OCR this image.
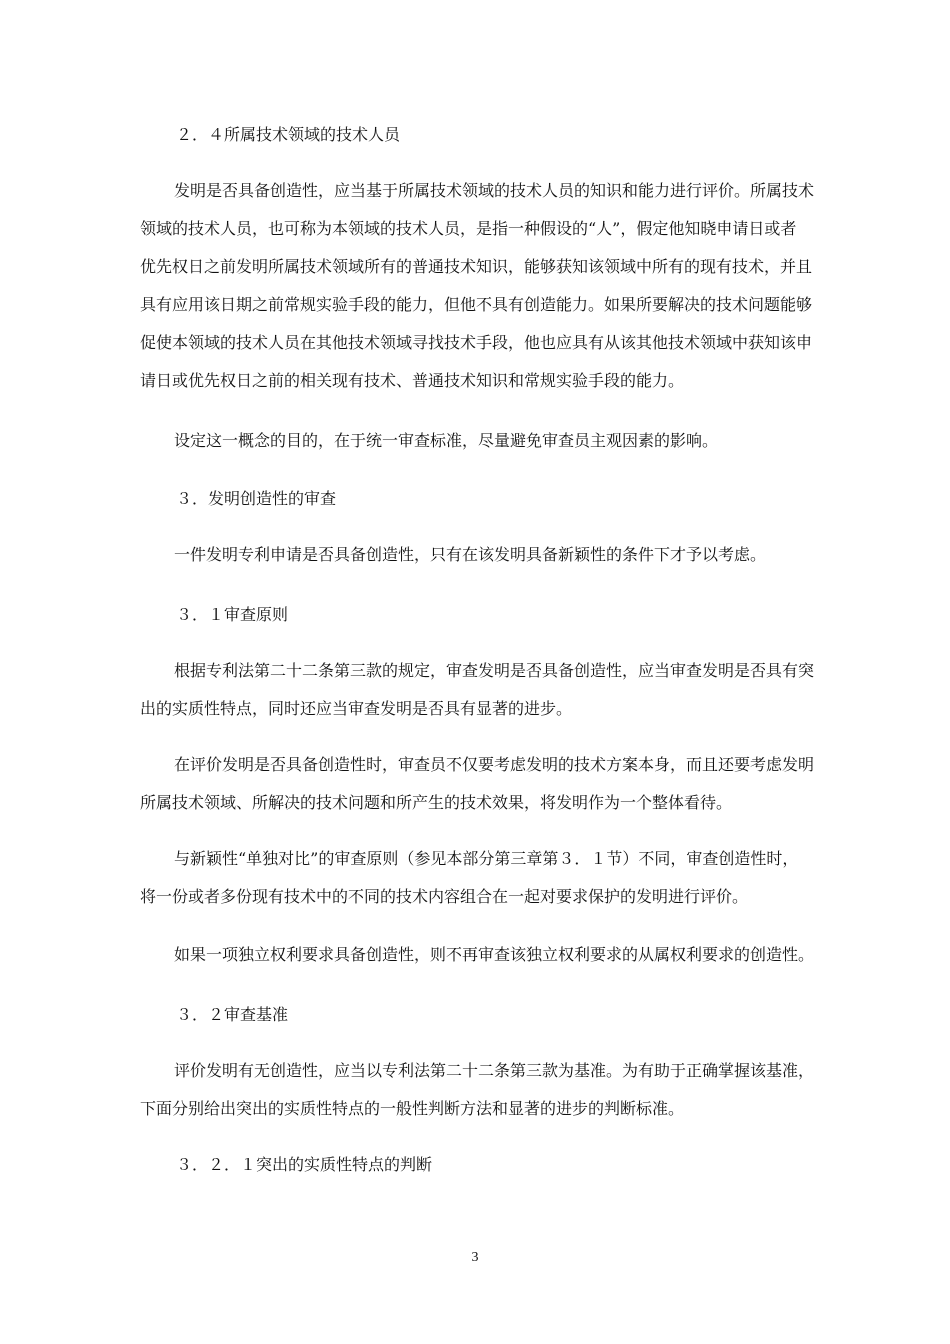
２．４所属技术领域的技术人员
发明是否具备创造性，应当基于所属技术领域的技术人员的知识和能力进行评价。所属技术
领域的技术人员，也可称为本领域的技术人员，是指一种假设的“人”，假定他知晓申请日或者
优先权日之前发明所属技术领域所有的普通技术知识，能够获知该领域中所有的现有技术，并且
具有应用该日期之前常规实验手段的能力，但他不具有创造能力。如果所要解决的技术问题能够
促使本领域的技术人员在其他技术领域寻找技术手段，他也应具有从该其他技术领域中获知该申
请日或优先权日之前的相关现有技术、普通技术知识和常规实验手段的能力。
设定这一概念的目的，在于统一审查标准，尽量避免审查员主观因素的影响。
３．发明创造性的审查
一件发明专利申请是否具备创造性，只有在该发明具备新颖性的条件下才予以考虑。
３．１审查原则
根据专利法第二十二条第三款的规定，审查发明是否具备创造性，应当审查发明是否具有突
出的实质性特点，同时还应当审查发明是否具有显著的进步。
在评价发明是否具备创造性时，审查员不仅要考虑发明的技术方案本身，而且还要考虑发明
所属技术领域、所解决的技术问题和所产生的技术效果，将发明作为一个整体看待。
与新颖性“单独对比”的审查原则（参见本部分第三章第３．１节）不同，审查创造性时，
将一份或者多份现有技术中的不同的技术内容组合在一起对要求保护的发明进行评价。
如果一项独立权利要求具备创造性，则不再审查该独立权利要求的从属权利要求的创造性。
３．２审查基准
评价发明有无创造性，应当以专利法第二十二条第三款为基准。为有助于正确掌握该基准，
下面分别给出突出的实质性特点的一般性判断方法和显著的进步的判断标准。
３．２．１突出的实质性特点的判断
3
